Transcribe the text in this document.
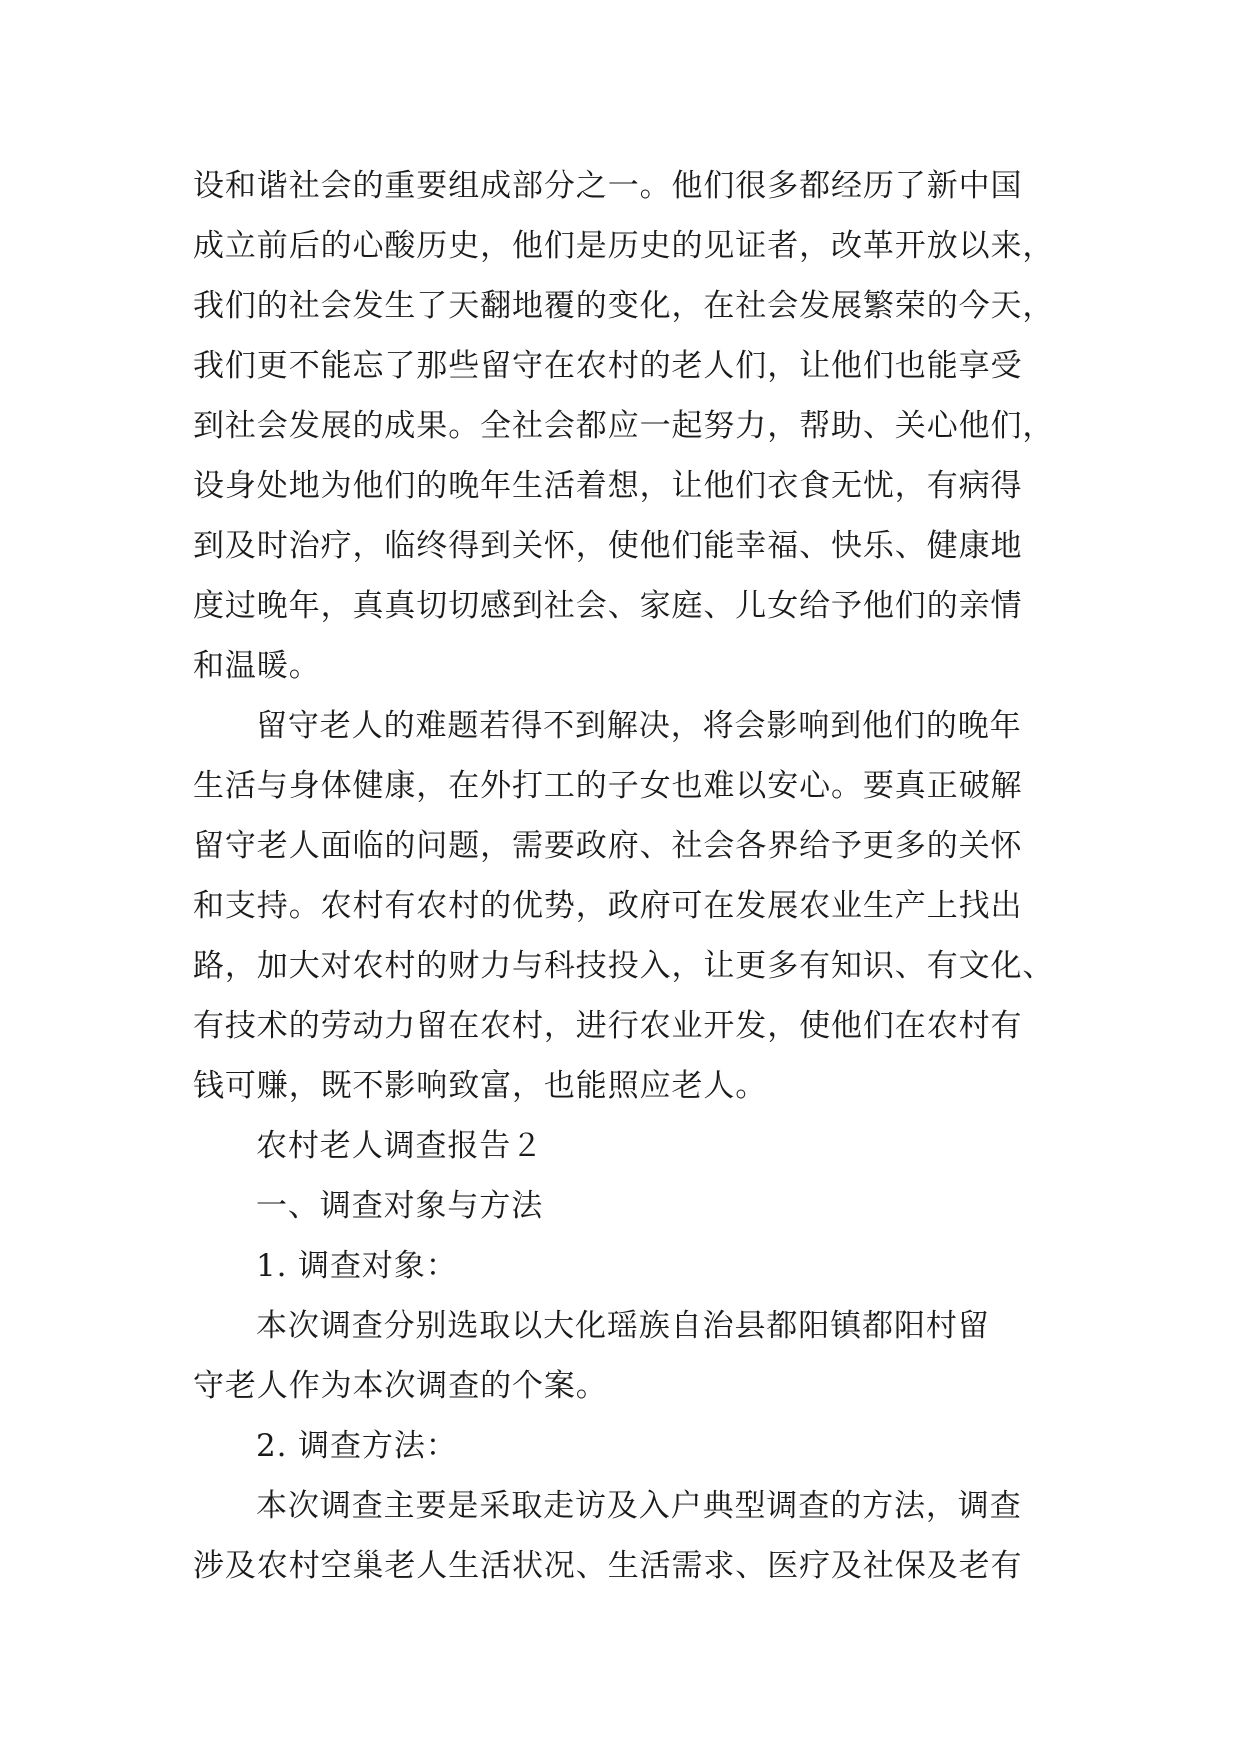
设和谐社会的重要组成部分之一。他们很多都经历了新中国
成立前后的心酸历史，他们是历史的见证者，改革开放以来，
我们的社会发生了天翻地覆的变化，在社会发展繁荣的今天，
我们更不能忘了那些留守在农村的老人们，让他们也能享受
到社会发展的成果。全社会都应一起努力，帮助、关心他们，
设身处地为他们的晚年生活着想，让他们衣食无忧，有病得
到及时治疗，临终得到关怀，使他们能幸福、快乐、健康地
度过晚年，真真切切感到社会、家庭、儿女给予他们的亲情
和温暖。
留守老人的难题若得不到解决，将会影响到他们的晚年
生活与身体健康，在外打工的子女也难以安心。要真正破解
留守老人面临的问题，需要政府、社会各界给予更多的关怀
和支持。农村有农村的优势，政府可在发展农业生产上找出
路，加大对农村的财力与科技投入，让更多有知识、有文化、
有技术的劳动力留在农村，进行农业开发，使他们在农村有
钱可赚，既不影响致富，也能照应老人。
农村老人调查报告２
一、调查对象与方法
1. 调查对象：
本次调查分别选取以大化瑶族自治县都阳镇都阳村留
守老人作为本次调查的个案。
2. 调查方法：
本次调查主要是采取走访及入户典型调查的方法，调查
涉及农村空巢老人生活状况、生活需求、医疗及社保及老有
